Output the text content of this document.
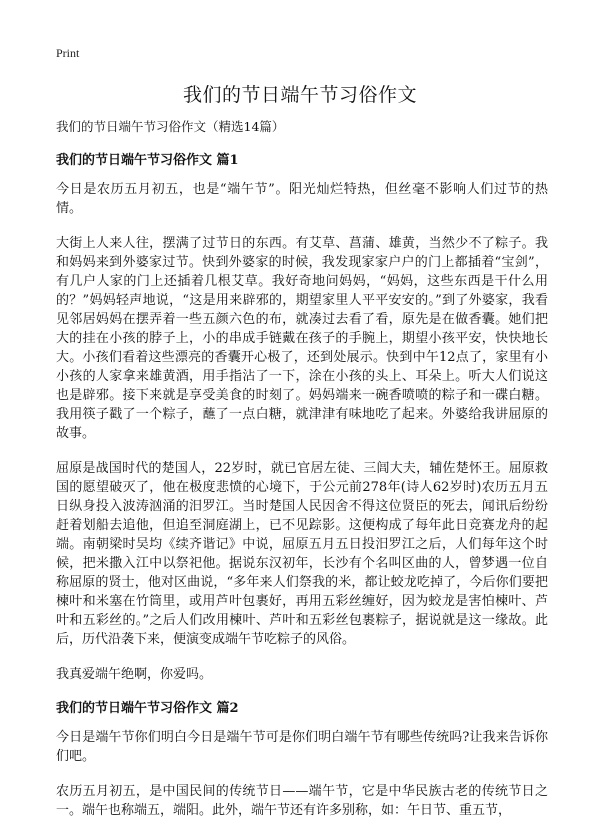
Print
我们的节日端午节习俗作文

我们的节日端午节习俗作文（精选14篇）

我们的节日端午节习俗作文 篇1

今日是农历五月初五，也是“端午节”。阳光灿烂特热，但丝毫不影响人们过节的热情。

大街上人来人往，摆满了过节日的东西。有艾草、菖蒲、雄黄，当然少不了粽子。我和妈妈来到外婆家过节。快到外婆家的时候，我发现家家户户的门上都插着“宝剑”，有几户人家的门上还插着几根艾草。我好奇地问妈妈，“妈妈，这些东西是干什么用的？”妈妈轻声地说，“这是用来辟邪的，期望家里人平平安安的。”到了外婆家，我看见邻居妈妈在摆弄着一些五颜六色的布，就凑过去看了看，原先是在做香囊。她们把大的挂在小孩的脖子上，小的串成手链戴在孩子的手腕上，期望小孩平安，快快地长大。小孩们看着这些漂亮的香囊开心极了，还到处展示。快到中午12点了，家里有小小孩的人家拿来雄黄酒，用手指沾了一下，涂在小孩的头上、耳朵上。听大人们说这也是辟邪。接下来就是享受美食的时刻了。妈妈端来一碗香喷喷的粽子和一碟白糖。我用筷子戳了一个粽子，蘸了一点白糖，就津津有味地吃了起来。外婆给我讲屈原的故事。

屈原是战国时代的楚国人，22岁时，就已官居左徒、三闾大夫，辅佐楚怀王。屈原救国的愿望破灭了，他在极度悲愤的心境下，于公元前278年(诗人62岁时)农历五月五日纵身投入波涛汹涌的汨罗江。当时楚国人民因舍不得这位贤臣的死去，闻讯后纷纷赶着划船去追他，但追至洞庭湖上，已不见踪影。这便构成了每年此日竞赛龙舟的起端。南朝梁时吴均《续齐谐记》中说，屈原五月五日投汨罗江之后，人们每年这个时候，把米撒入江中以祭祀他。据说东汉初年，长沙有个名叫区曲的人，曾梦遇一位自称屈原的贤士，他对区曲说，“多年来人们祭我的米，都让蛟龙吃掉了，今后你们要把楝叶和米塞在竹筒里，或用芦叶包裹好，再用五彩丝缠好，因为蛟龙是害怕楝叶、芦叶和五彩丝的。”之后人们改用楝叶、芦叶和五彩丝包裹粽子，据说就是这一缘故。此后，历代沿袭下来，便演变成端午节吃粽子的风俗。

我真爱端午绝啊，你爱吗。

我们的节日端午节习俗作文 篇2

今日是端午节你们明白今日是端午节可是你们明白端午节有哪些传统吗?让我来告诉你们吧。

农历五月初五，是中国民间的传统节日——端午节，它是中华民族古老的传统节日之一。端午也称端五，端阳。此外，端午节还有许多别称，如：午日节、重五节，
